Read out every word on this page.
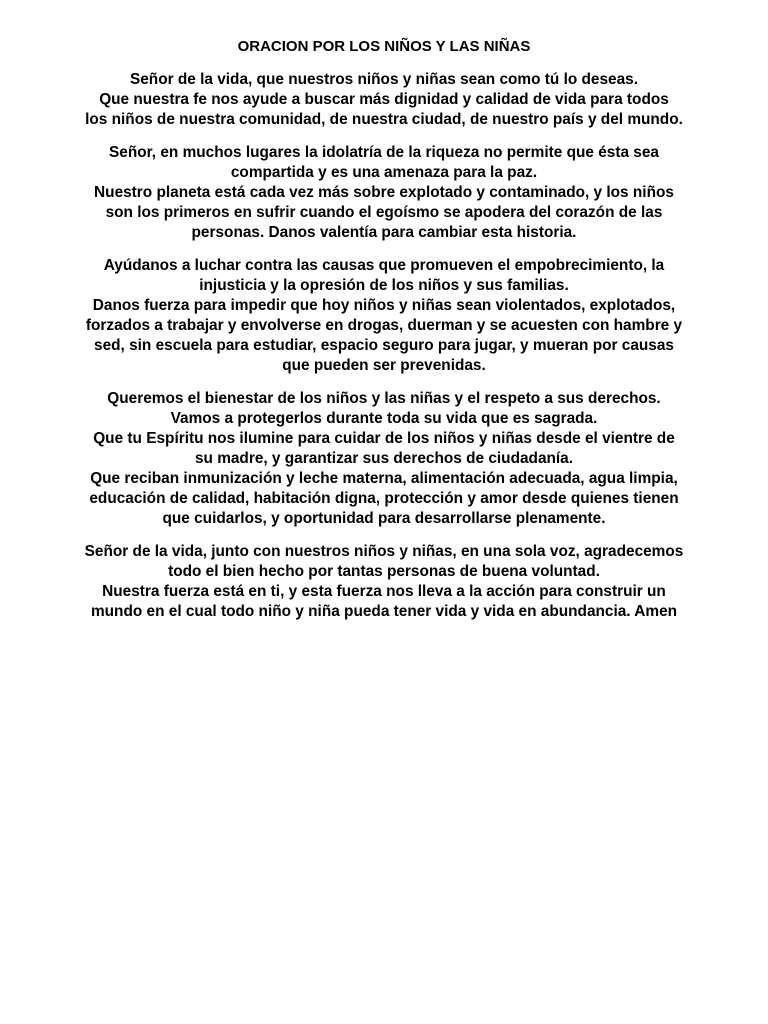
ORACION POR LOS NIÑOS Y LAS NIÑAS

Señor de la vida, que nuestros niños y niñas sean como tú lo deseas.
Que nuestra fe nos ayude a buscar más dignidad y calidad de vida para todos
los niños de nuestra comunidad, de nuestra ciudad, de nuestro país y del mundo.

Señor, en muchos lugares la idolatría de la riqueza no permite que ésta sea
compartida y es una amenaza para la paz.
Nuestro planeta está cada vez más sobre explotado y contaminado, y los niños
son los primeros en sufrir cuando el egoísmo se apodera del corazón de las
personas. Danos valentía para cambiar esta historia.

Ayúdanos a luchar contra las causas que promueven el empobrecimiento, la
injusticia y la opresión de los niños y sus familias.
Danos fuerza para impedir que hoy niños y niñas sean violentados, explotados,
forzados a trabajar y envolverse en drogas, duerman y se acuesten con hambre y
sed, sin escuela para estudiar, espacio seguro para jugar, y mueran por causas
que pueden ser prevenidas.

Queremos el bienestar de los niños y las niñas y el respeto a sus derechos.
Vamos a protegerlos durante toda su vida que es sagrada.
Que tu Espíritu nos ilumine para cuidar de los niños y niñas desde el vientre de
su madre, y garantizar sus derechos de ciudadanía.
Que reciban inmunización y leche materna, alimentación adecuada, agua limpia,
educación de calidad, habitación digna, protección y amor desde quienes tienen
que cuidarlos, y oportunidad para desarrollarse plenamente.

Señor de la vida, junto con nuestros niños y niñas, en una sola voz, agradecemos
todo el bien hecho por tantas personas de buena voluntad.
Nuestra fuerza está en ti, y esta fuerza nos lleva a la acción para construir un
mundo en el cual todo niño y niña pueda tener vida y vida en abundancia. Amen
